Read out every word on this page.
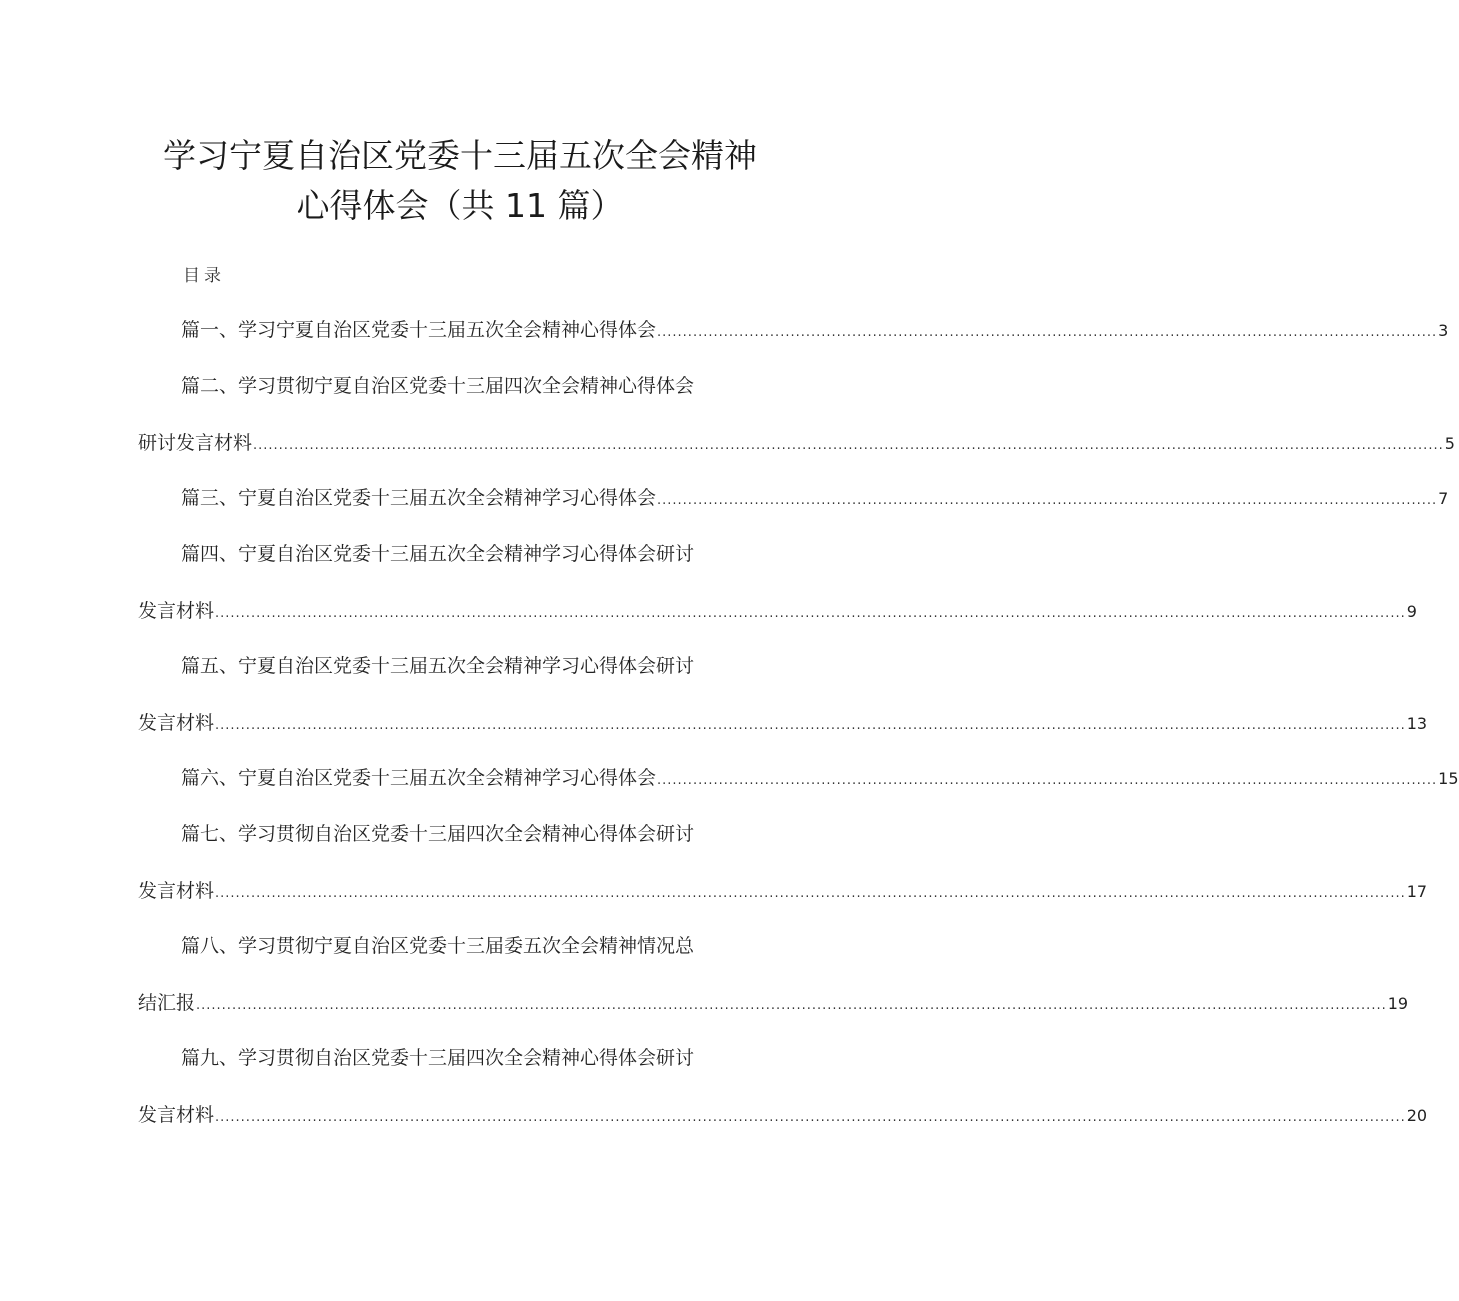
学习宁夏自治区党委十三届五次全会精神
心得体会（共 11 篇）
目录
篇一、学习宁夏自治区党委十三届五次全会精神心得体会 ........................................................................................................................................................ 3
篇二、学习贯彻宁夏自治区党委十三届四次全会精神心得体会
研讨发言材料 ........................................................................................................................................................................................................................................ 5
篇三、宁夏自治区党委十三届五次全会精神学习心得体会 ........................................................................................................................................................ 7
篇四、宁夏自治区党委十三届五次全会精神学习心得体会研讨
发言材料 ........................................................................................................................................................................................................................................ 9
篇五、宁夏自治区党委十三届五次全会精神学习心得体会研讨
发言材料 ........................................................................................................................................................................................................................................ 13
篇六、宁夏自治区党委十三届五次全会精神学习心得体会 ........................................................................................................................................................ 15
篇七、学习贯彻自治区党委十三届四次全会精神心得体会研讨
发言材料 ........................................................................................................................................................................................................................................ 17
篇八、学习贯彻宁夏自治区党委十三届委五次全会精神情况总
结汇报 ........................................................................................................................................................................................................................................ 19
篇九、学习贯彻自治区党委十三届四次全会精神心得体会研讨
发言材料 ........................................................................................................................................................................................................................................ 20
